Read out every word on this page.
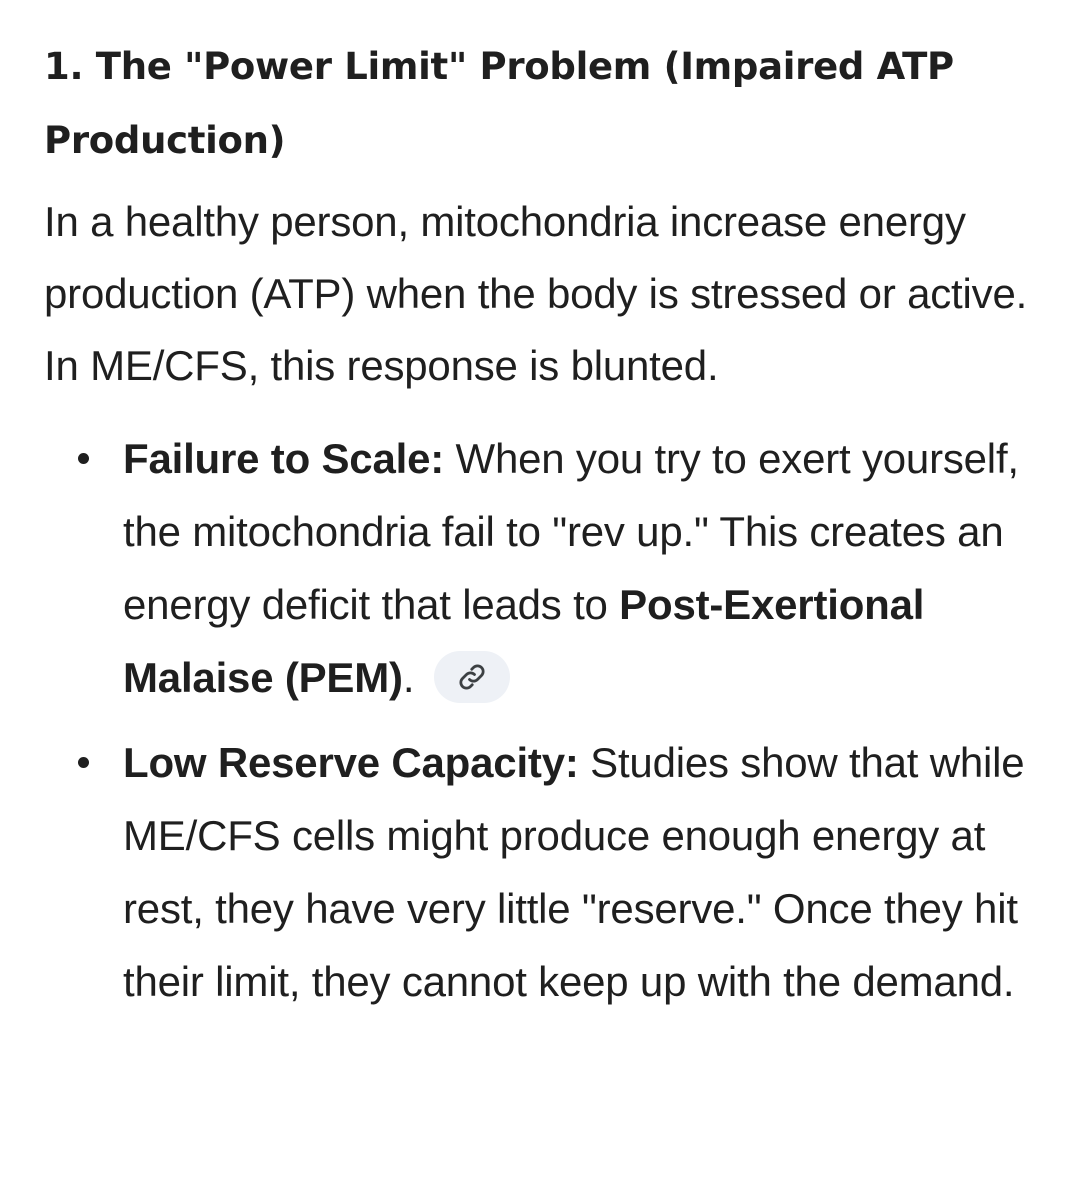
1. The "Power Limit" Problem (Impaired ATP Production)

In a healthy person, mitochondria increase energy production (ATP) when the body is stressed or active. In ME/CFS, this response is blunted.

Failure to Scale: When you try to exert yourself, the mitochondria fail to "rev up." This creates an energy deficit that leads to Post-Exertional Malaise (PEM).
Low Reserve Capacity: Studies show that while ME/CFS cells might produce enough energy at rest, they have very little "reserve." Once they hit their limit, they cannot keep up with the demand.
